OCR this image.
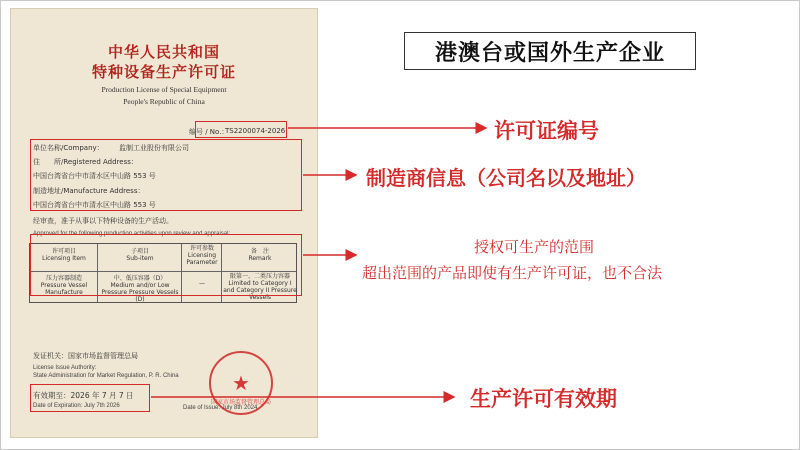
中华人民共和国
特种设备生产许可证
Production License of Special Equipment
People's Republic of China
编号 / No.：
TS2200074-2026
单位名称/Company： 监制工业股份有限公司
住　　所/Registered Address：
中国台湾省台中市清水区中山路 553 号
制造地址/Manufacture Address：
中国台湾省台中市清水区中山路 553 号
经审查，准予从事以下特种设备的生产活动。
Approved for the following production activities upon review and appraisal:
许可项目
Licensing Item
子项目
Sub-item
许可参数
Licensing Parameter
备　注
Remark
压力容器制造
Pressure Vessel Manufacture
中、低压容器（D）
Medium and/or Low Pressure Pressure Vessels (D)
—
限第一、二类压力容器
Limited to Category I and Category II Pressure Vessels
发证机关：国家市场监督管理总局
License Issue Authority:
State Administration for Market Regulation, P. R. China
有效期至：2026 年 7 月 7 日
Date of Expiration: July 7th 2026	Date of Issue: July 8th 2024
★
国家市场监督管理总局
港澳台或国外生产企业
许可证编号
制造商信息（公司名以及地址）
授权可生产的范围
超出范围的产品即使有生产许可证，也不合法
生产许可有效期
